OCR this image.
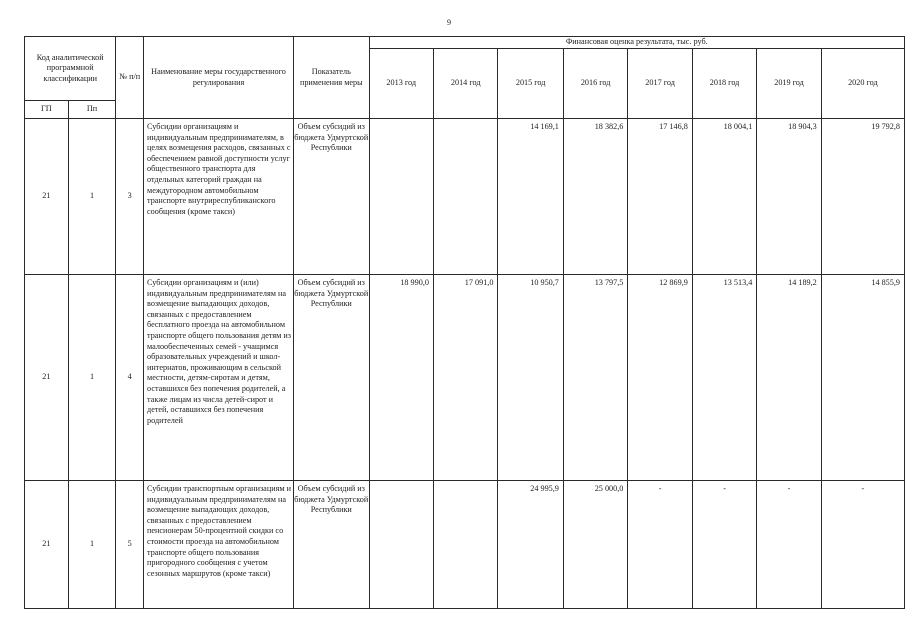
9
Код аналитической программной классификации		№ п/п	Наименование меры государственного регулирования	Показатель применения меры	Финансовая оценка результата, тыс. руб.							
					2013 год	2014 год	2015 год	2016 год	2017 год	2018 год	2019 год	2020 год
ГП	Пп											
21	1	3	Субсидии организациям и индивидуальным предпринимателям, в целях возмещения расходов, связанных с обеспечением равной доступности услуг общественного транспорта для отдельных категорий граждан на междугородном автомобильном транспорте внутриреспубликанского сообщения (кроме такси)	Объем субсидий из бюджета Удмуртской Республики			14 169,1	18 382,6	17 146,8	18 004,1	18 904,3	19 792,8
21	1	4	Субсидии организациям и (или) индивидуальным предпринимателям на возмещение выпадающих доходов, связанных с предоставлением бесплатного проезда на автомобильном транспорте общего пользования детям из малообеспеченных семей - учащимся образовательных учреждений и школ-интернатов, проживающим в сельской местности, детям-сиротам и детям, оставшихся без попечения родителей, а также лицам из числа детей-сирот и детей, оставшихся без попечения родителей	Объем субсидий из бюджета Удмуртской Республики	18 990,0	17 091,0	10 950,7	13 797,5	12 869,9	13 513,4	14 189,2	14 855,9
21	1	5	Субсидии транспортным организациям и индивидуальным предпринимателям на возмещение выпадающих доходов, связанных с предоставлением пенсионерам 50-процентной скидки со стоимости проезда на автомобильном транспорте общего пользования пригородного сообщения с учетом сезонных маршрутов (кроме такси)	Объем субсидий из бюджета Удмуртской Республики			24 995,9	25 000,0	-	-	-	-
